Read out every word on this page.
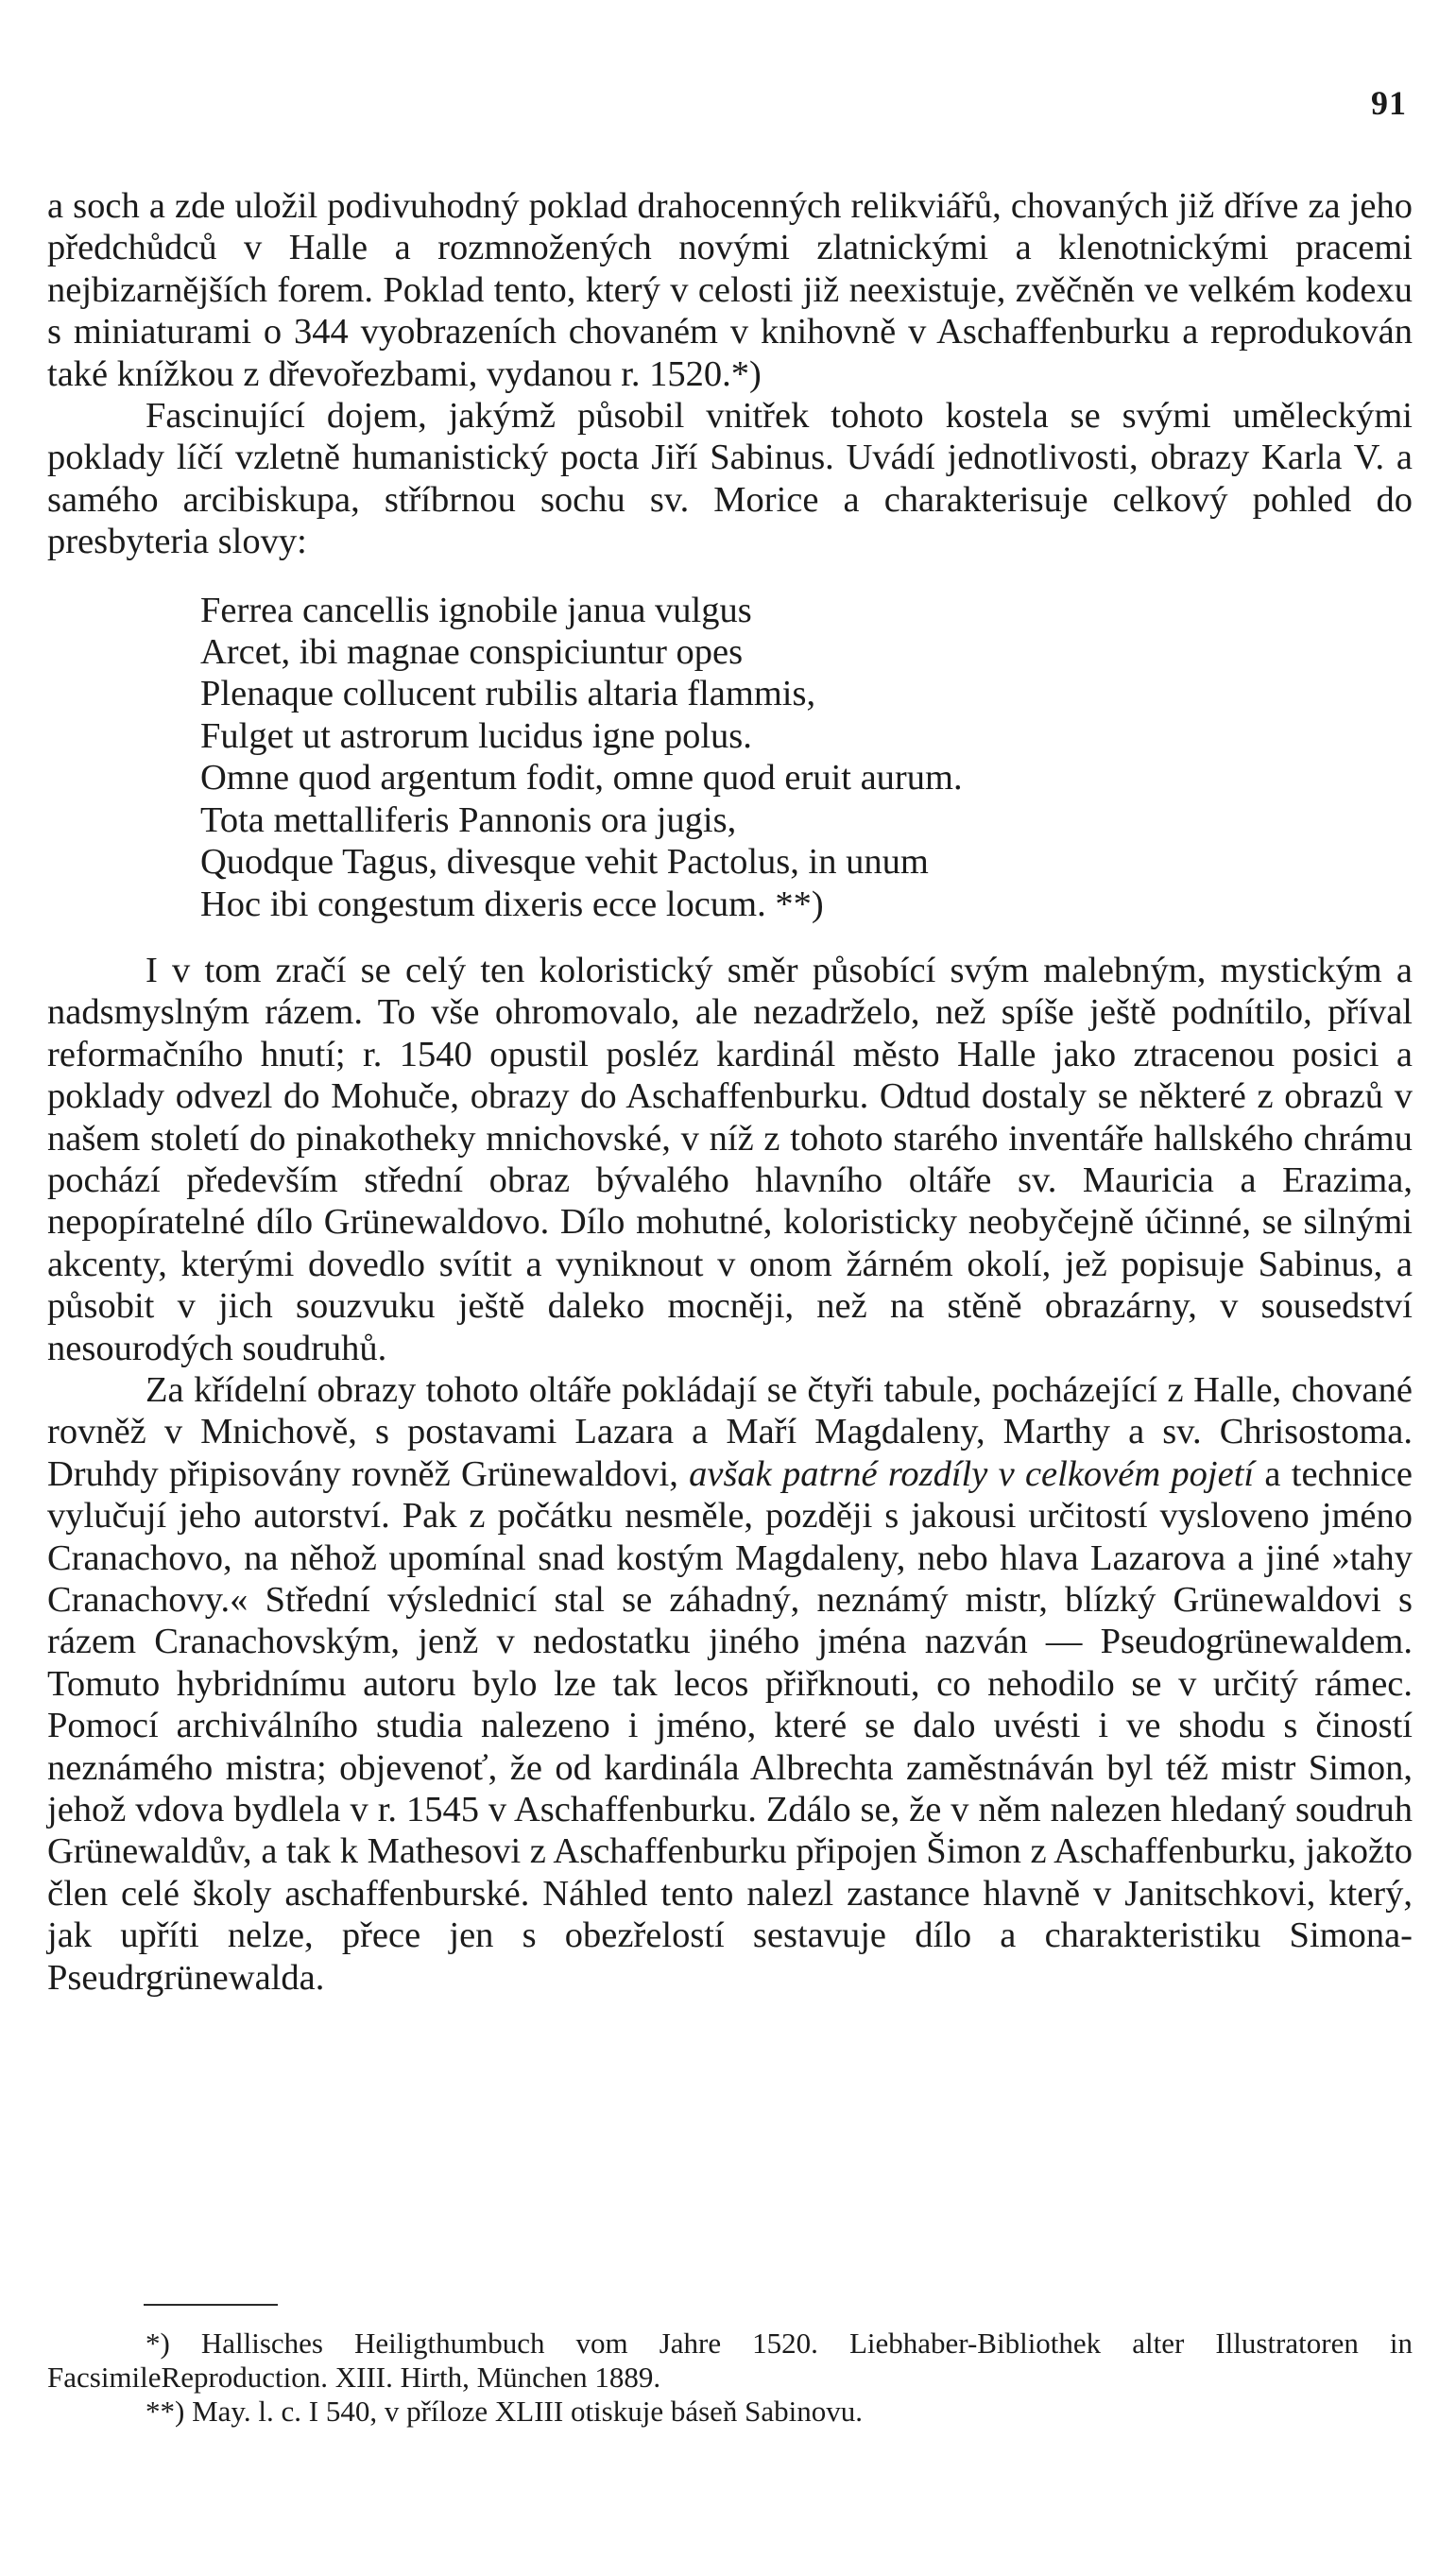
91

a soch a zde uložil podivuhodný poklad drahocenných relikviářů, chovaných již dříve za jeho předchůdců v Halle a rozmnožených novými zlatnickými a klenotnickými pracemi nejbizarnějších forem. Poklad tento, který v celosti již neexistuje, zvěčněn ve velkém kodexu s miniaturami o 344 vyobrazeních chovaném v knihovně v Aschaffenburku a reprodukován také knížkou z dřevořezbami, vydanou r. 1520.*)

Fascinující dojem, jakýmž působil vnitřek tohoto kostela se svými uměleckými poklady líčí vzletně humanistický pocta Jiří Sabinus. Uvádí jednotlivosti, obrazy Karla V. a samého arcibiskupa, stříbrnou sochu sv. Morice a charakterisuje celkový pohled do presbyteria slovy:

Ferrea cancellis ignobile janua vulgus
Arcet, ibi magnae conspiciuntur opes
Plenaque collucent rubilis altaria flammis,
Fulget ut astrorum lucidus igne polus.
Omne quod argentum fodit, omne quod eruit aurum.
Tota mettalliferis Pannonis ora jugis,
Quodque Tagus, divesque vehit Pactolus, in unum
Hoc ibi congestum dixeris ecce locum. **)

I v tom zračí se celý ten koloristický směr působící svým malebným, mystickým a nadsmyslným rázem. To vše ohromovalo, ale nezadrželo, než spíše ještě podnítilo, příval reformačního hnutí; r. 1540 opustil posléz kardinál město Halle jako ztracenou posici a poklady odvezl do Mohuče, obrazy do Aschaffenburku. Odtud dostaly se některé z obrazů v našem století do pinakotheky mnichovské, v níž z tohoto starého inventáře hallského chrámu pochází především střední obraz bývalého hlavního oltáře sv. Mauricia a Erazima, nepopíratelné dílo Grünewaldovo. Dílo mohutné, koloristicky neobyčejně účinné, se silnými akcenty, kterými dovedlo svítit a vyniknout v onom žárném okolí, jež popisuje Sabinus, a působit v jich souzvuku ještě daleko mocněji, než na stěně obrazárny, v sousedství nesourodých soudruhů.

Za křídelní obrazy tohoto oltáře pokládají se čtyři tabule, pocházející z Halle, chované rovněž v Mnichově, s postavami Lazara a Maří Magdaleny, Marthy a sv. Chrisostoma. Druhdy připisovány rovněž Grünewaldovi, avšak patrné rozdíly v celkovém pojetí a technice vylučují jeho autorství. Pak z počátku nesměle, později s jakousi určitostí vysloveno jméno Cranachovo, na něhož upomínal snad kostým Magdaleny, nebo hlava Lazarova a jiné »tahy Cranachovy.« Střední výslednicí stal se záhadný, neznámý mistr, blízký Grünewaldovi s rázem Cranachovským, jenž v nedostatku jiného jména nazván — Pseudogrünewaldem. Tomuto hybridnímu autoru bylo lze tak lecos přiřknouti, co nehodilo se v určitý rámec. Pomocí archiválního studia nalezeno i jméno, které se dalo uvésti i ve shodu s čiností neznámého mistra; objevenoť, že od kardinála Albrechta zaměstnáván byl též mistr Simon, jehož vdova bydlela v r. 1545 v Aschaffenburku. Zdálo se, že v něm nalezen hledaný soudruh Grünewaldův, a tak k Mathesovi z Aschaffenburku připojen Šimon z Aschaffenburku, jakožto člen celé školy aschaffenburské. Náhled tento nalezl zastance hlavně v Janitschkovi, který, jak upříti nelze, přece jen s obezřelostí sestavuje dílo a charakteristiku Simona-Pseudrgrünewalda.

*) Hallisches Heiligthumbuch vom Jahre 1520. Liebhaber-Bibliothek alter Illustratoren in FacsimileReproduction. XIII. Hirth, München 1889.

**) May. l. c. I 540, v příloze XLIII otiskuje báseň Sabinovu.
